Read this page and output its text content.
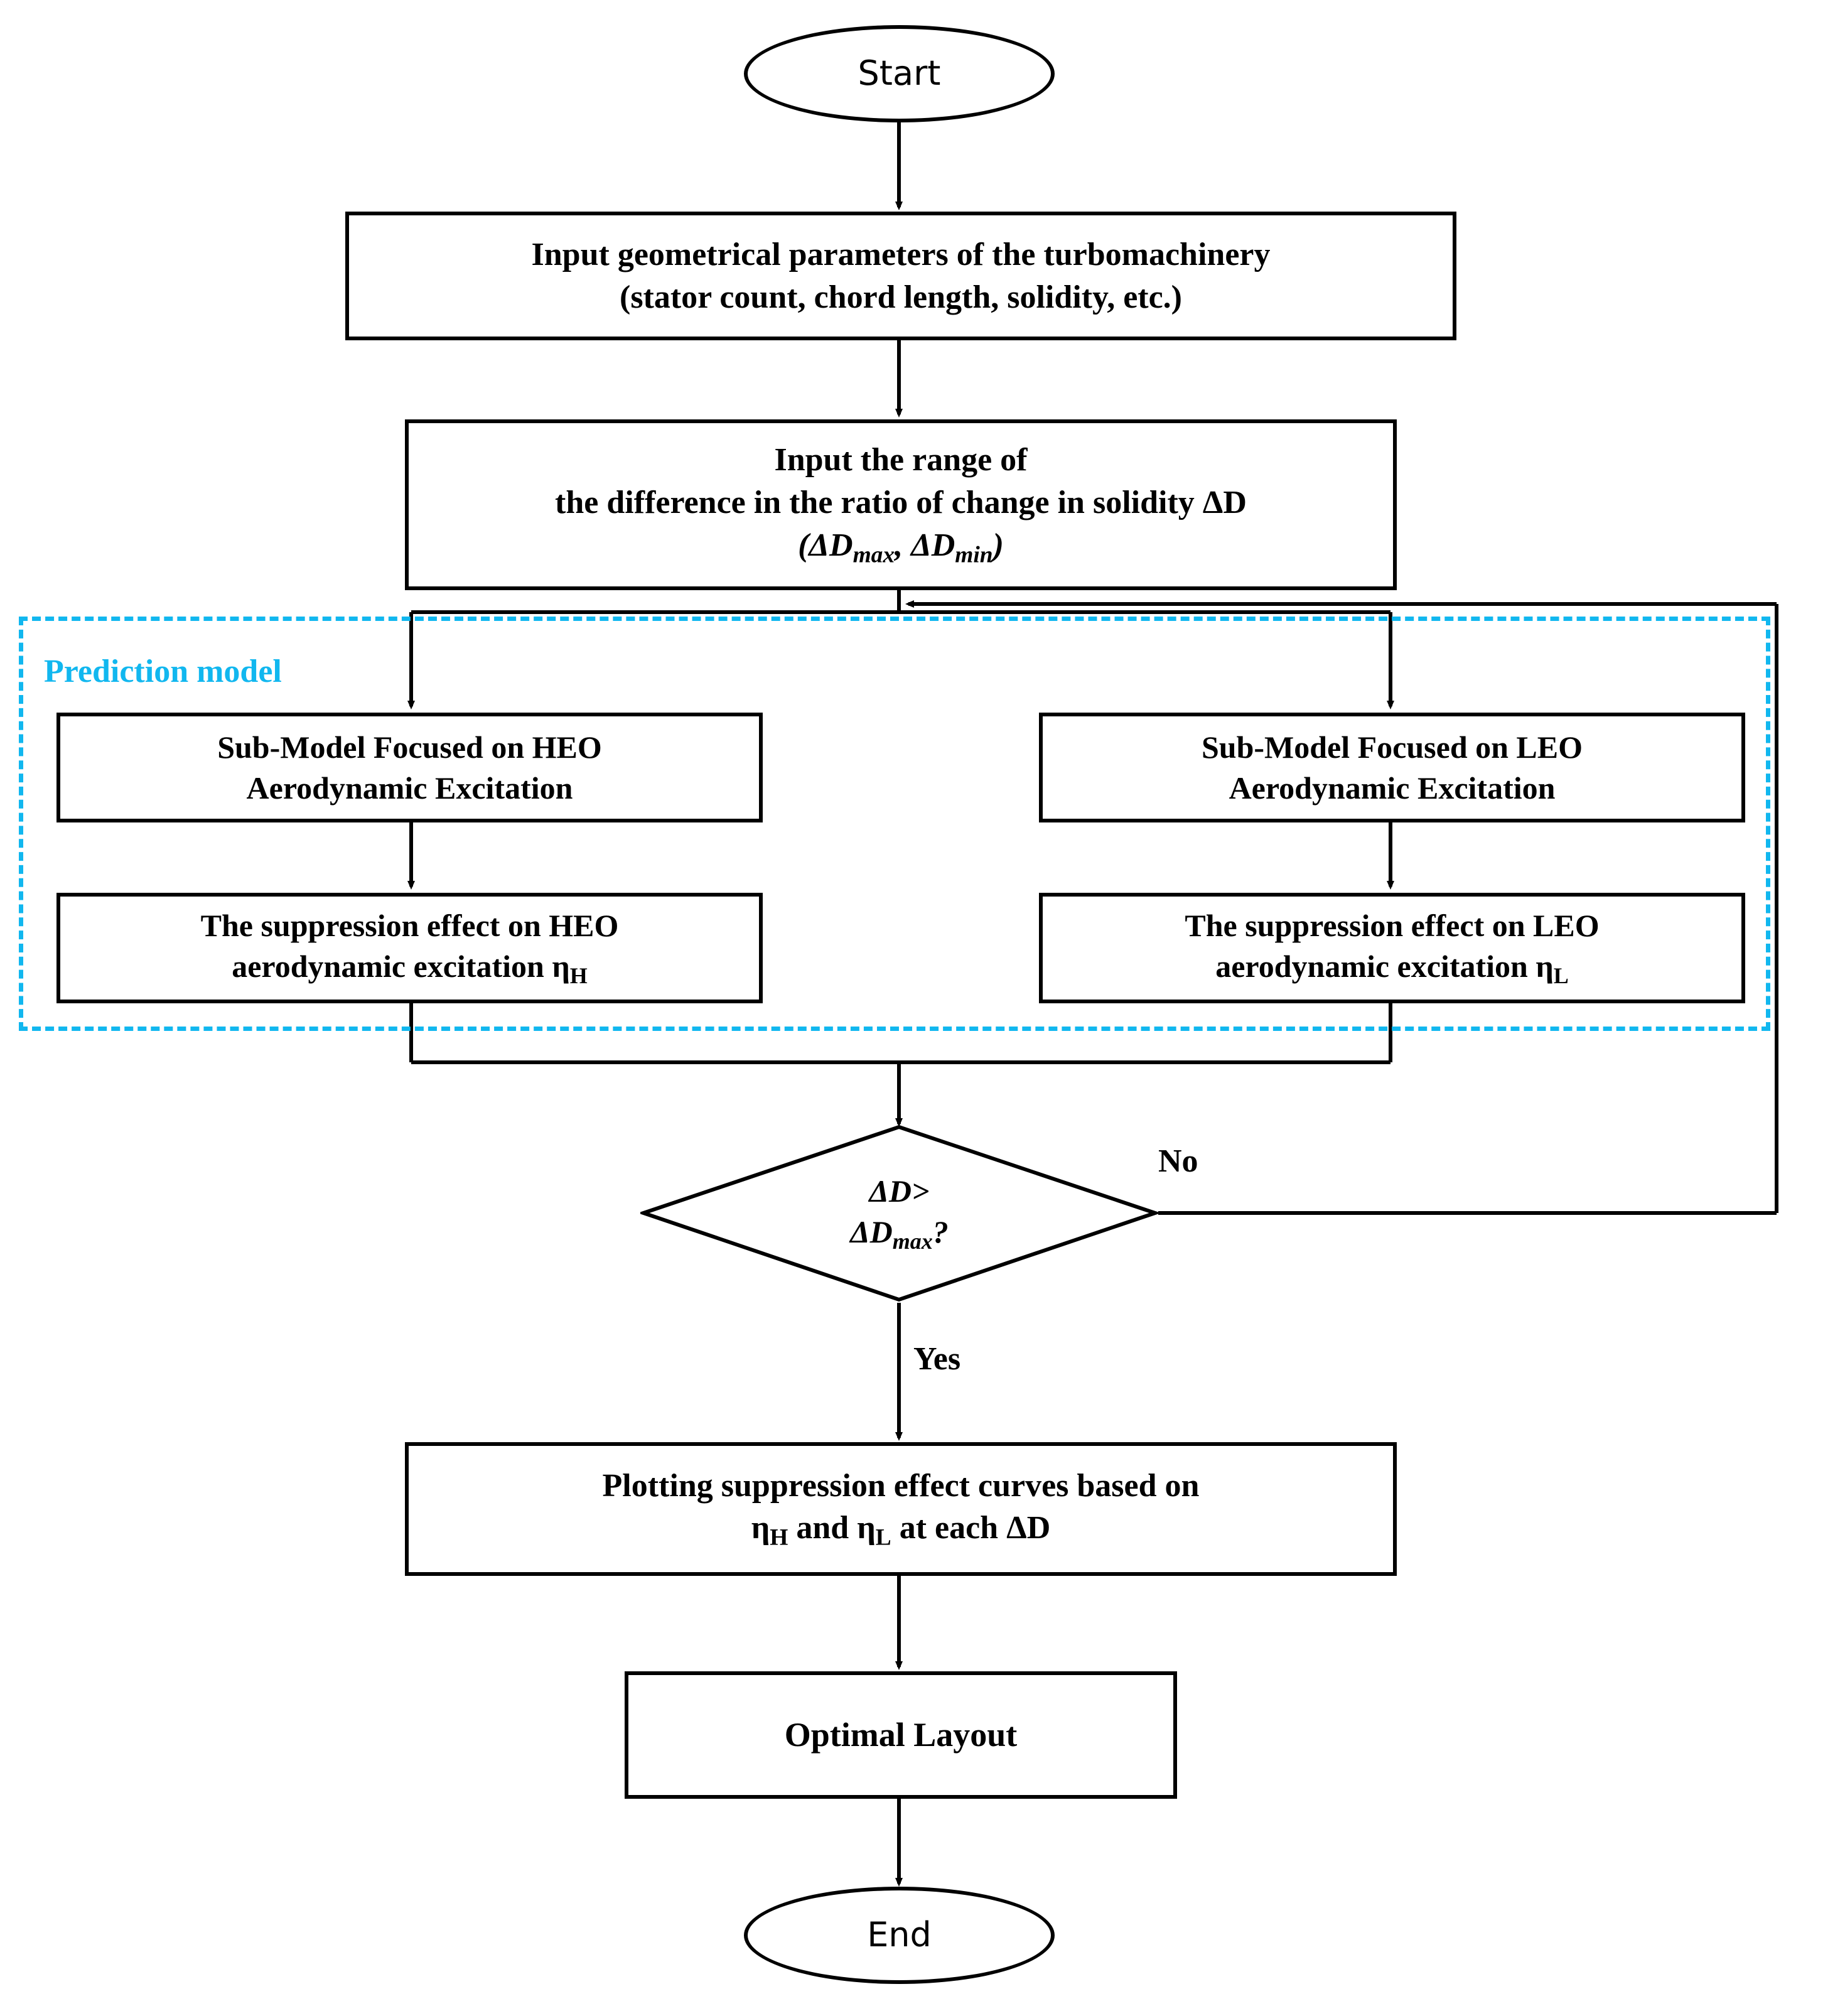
Prediction model
Start
Input geometrical parameters of the turbomachinery
(stator count, chord length, solidity, etc.)
Input the range of
the difference in the ratio of change in solidity ΔD
($\Delta D_{max}$, $\Delta D_{min}$)
Sub-Model Focused on HEO
Aerodynamic Excitation
Sub-Model Focused on LEO
Aerodynamic Excitation
The suppression effect on HEO
aerodynamic excitation $\eta_H$
The suppression effect on LEO
aerodynamic excitation $\eta_L$
ΔD>
$\Delta D_{max}$?
No
Yes
Plotting suppression effect curves based on
$\eta_H$ and $\eta_L$ at each ΔD
Optimal Layout
End
